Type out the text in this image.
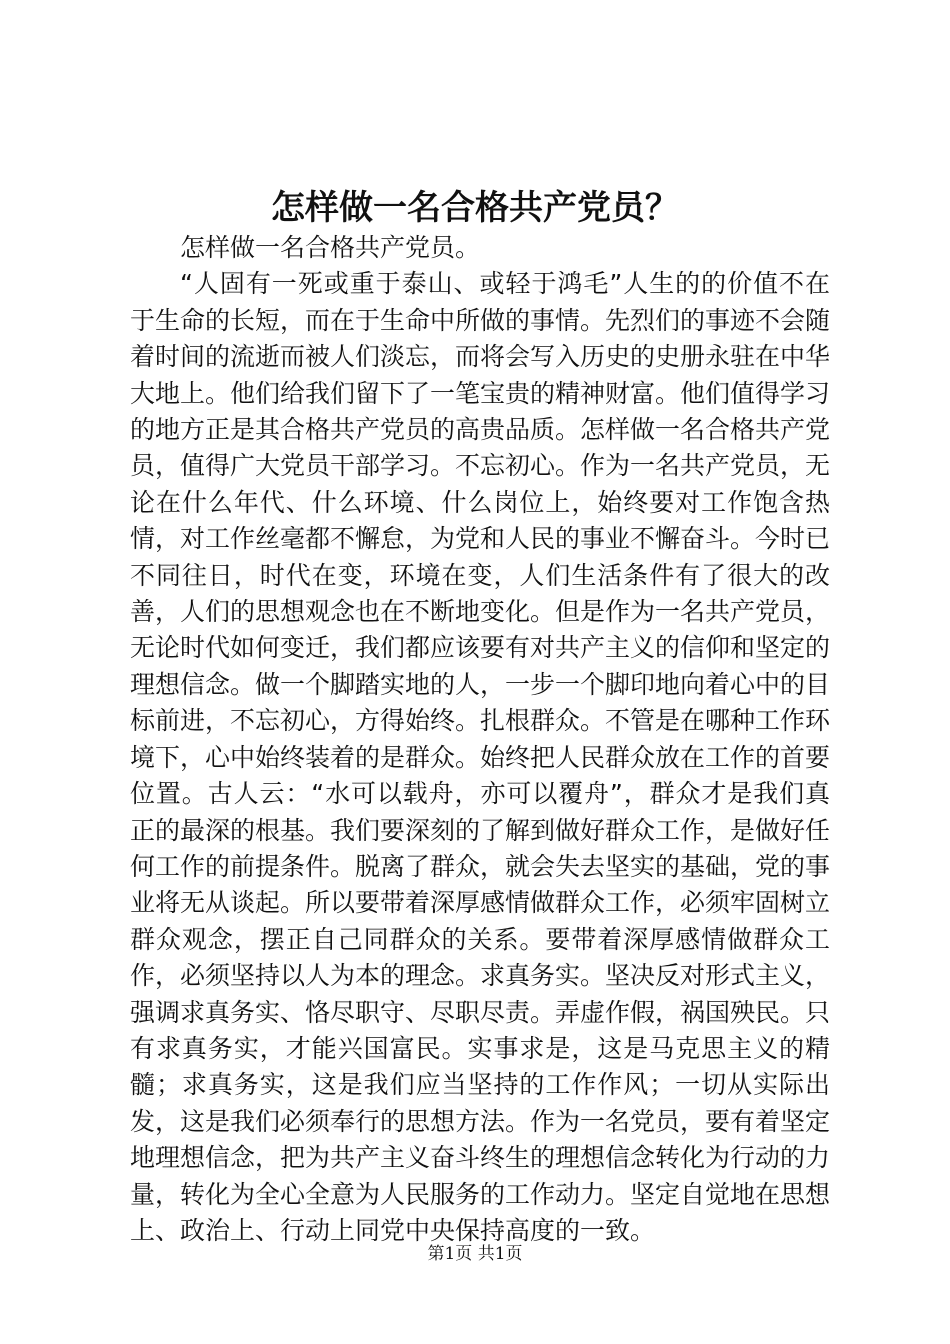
怎样做一名合格共产党员？

怎样做一名合格共产党员。

“人固有一死或重于泰山、或轻于鸿毛”人生的的价值不在于生命的长短，而在于生命中所做的事情。先烈们的事迹不会随着时间的流逝而被人们淡忘，而将会写入历史的史册永驻在中华大地上。他们给我们留下了一笔宝贵的精神财富。他们值得学习的地方正是其合格共产党员的高贵品质。怎样做一名合格共产党员，值得广大党员干部学习。不忘初心。作为一名共产党员，无论在什么年代、什么环境、什么岗位上，始终要对工作饱含热情，对工作丝毫都不懈怠，为党和人民的事业不懈奋斗。今时已不同往日，时代在变，环境在变，人们生活条件有了很大的改善，人们的思想观念也在不断地变化。但是作为一名共产党员，无论时代如何变迁，我们都应该要有对共产主义的信仰和坚定的理想信念。做一个脚踏实地的人，一步一个脚印地向着心中的目标前进，不忘初心，方得始终。扎根群众。不管是在哪种工作环境下，心中始终装着的是群众。始终把人民群众放在工作的首要位置。古人云：“水可以载舟，亦可以覆舟”，群众才是我们真正的最深的根基。我们要深刻的了解到做好群众工作，是做好任何工作的前提条件。脱离了群众，就会失去坚实的基础，党的事业将无从谈起。所以要带着深厚感情做群众工作，必须牢固树立群众观念，摆正自己同群众的关系。要带着深厚感情做群众工作，必须坚持以人为本的理念。求真务实。坚决反对形式主义，强调求真务实、恪尽职守、尽职尽责。弄虚作假，祸国殃民。只有求真务实，才能兴国富民。实事求是，这是马克思主义的精髓；求真务实，这是我们应当坚持的工作作风；一切从实际出发，这是我们必须奉行的思想方法。作为一名党员，要有着坚定地理想信念，把为共产主义奋斗终生的理想信念转化为行动的力量，转化为全心全意为人民服务的工作动力。坚定自觉地在思想上、政治上、行动上同党中央保持高度的一致。

第1页 共1页
